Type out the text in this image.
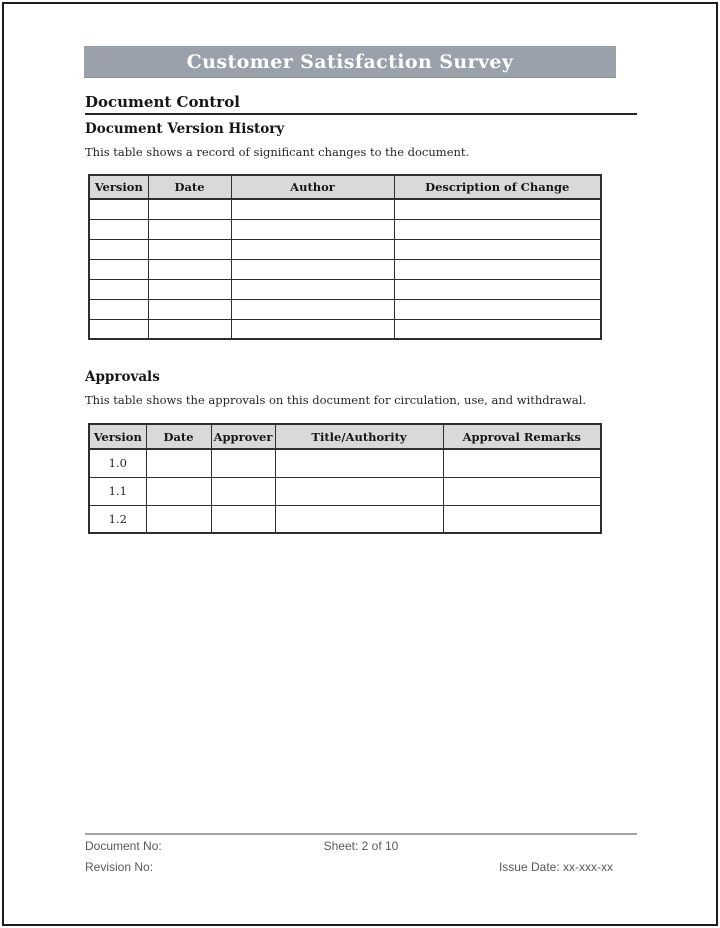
Customer Satisfaction Survey
Document Control
Document Version History
This table shows a record of significant changes to the document.
Version	Date	Author	Description of Change

Approvals
This table shows the approvals on this document for circulation, use, and withdrawal.
Version	Date	Approver	Title/Authority	Approval Remarks
1.0				
1.1				
1.2				
Document No:	Sheet: 2 of 10
Revision No:	Issue Date: xx-xxx-xx
